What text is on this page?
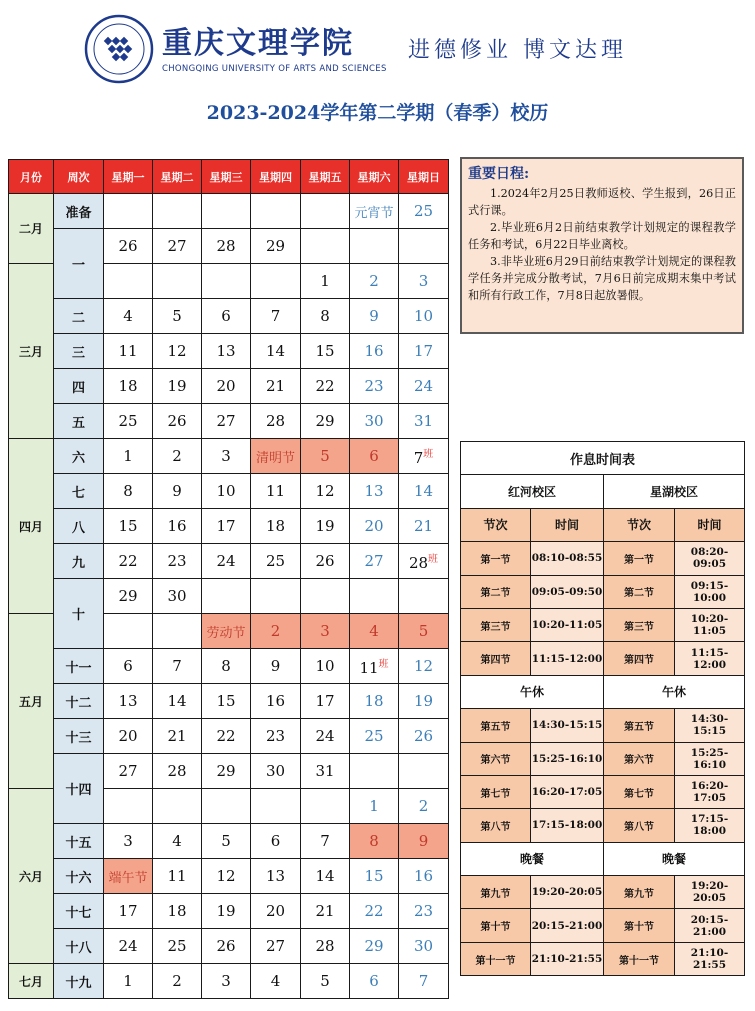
重庆文理学院
CHONGQING UNIVERSITY OF ARTS AND SCIENCES
进德修业 博文达理
2023-2024学年第二学期（春季）校历
月份	周次	星期一	星期二	星期三	星期四	星期五	星期六	星期日
二月	准备						元宵节	25
	一	26	27	28	29			
三月						1	2	3
	二	4	5	6	7	8	9	10
	三	11	12	13	14	15	16	17
	四	18	19	20	21	22	23	24
	五	25	26	27	28	29	30	31
四月	六	1	2	3	清明节	5	6	$7^班$
	七	8	9	10	11	12	13	14
	八	15	16	17	18	19	20	21
	九	22	23	24	25	26	27	$28^班$
	十	29	30					
五月				劳动节	2	3	4	5
	十一	6	7	8	9	10	$11^班$	12
	十二	13	14	15	16	17	18	19
	十三	20	21	22	23	24	25	26
	十四	27	28	29	30	31		
六月							1	2
	十五	3	4	5	6	7	8	9
	十六	端午节	11	12	13	14	15	16
	十七	17	18	19	20	21	22	23
	十八	24	25	26	27	28	29	30
七月	十九	1	2	3	4	5	6	7
重要日程:

1.2024年2月25日教师返校、学生报到，26日正式行课。

2.毕业班6月2日前结束教学计划规定的课程教学任务和考试，6月22日毕业离校。

3.非毕业班6月29日前结束教学计划规定的课程教学任务并完成分散考试，7月6日前完成期末集中考试和所有行政工作，7月8日起放暑假。

作息时间表			
红河校区		星湖校区	
节次	时间	节次	时间
第一节	08:10-08:55	第一节	08:20-09:05
第二节	09:05-09:50	第二节	09:15-10:00
第三节	10:20-11:05	第三节	10:20-11:05
第四节	11:15-12:00	第四节	11:15-12:00
午休		午休	
第五节	14:30-15:15	第五节	14:30-15:15
第六节	15:25-16:10	第六节	15:25-16:10
第七节	16:20-17:05	第七节	16:20-17:05
第八节	17:15-18:00	第八节	17:15-18:00
晚餐		晚餐	
第九节	19:20-20:05	第九节	19:20-20:05
第十节	20:15-21:00	第十节	20:15-21:00
第十一节	21:10-21:55	第十一节	21:10-21:55
